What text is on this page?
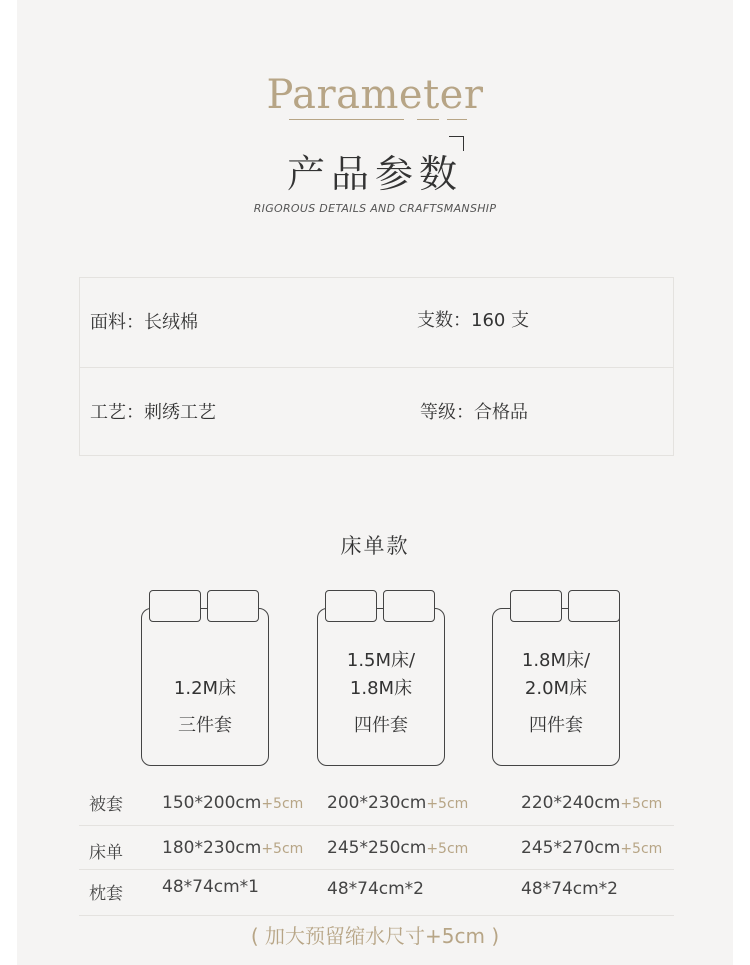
Parameter
产品参数
RIGOROUS DETAILS AND CRAFTSMANSHIP
面料：长绒棉	支数：160 支
工艺：刺绣工艺	等级：合格品
床单款
1.2M床
三件套
1.5M床/
1.8M床
四件套
1.8M床/
2.0M床
四件套
被套 150*200cm+5cm 200*230cm+5cm	220*240cm+5cm
床单 180*230cm+5cm 245*250cm+5cm	245*270cm+5cm
枕套 48*74cm*1	48*74cm*2	48*74cm*2
( 加大预留缩水尺寸+5cm )
